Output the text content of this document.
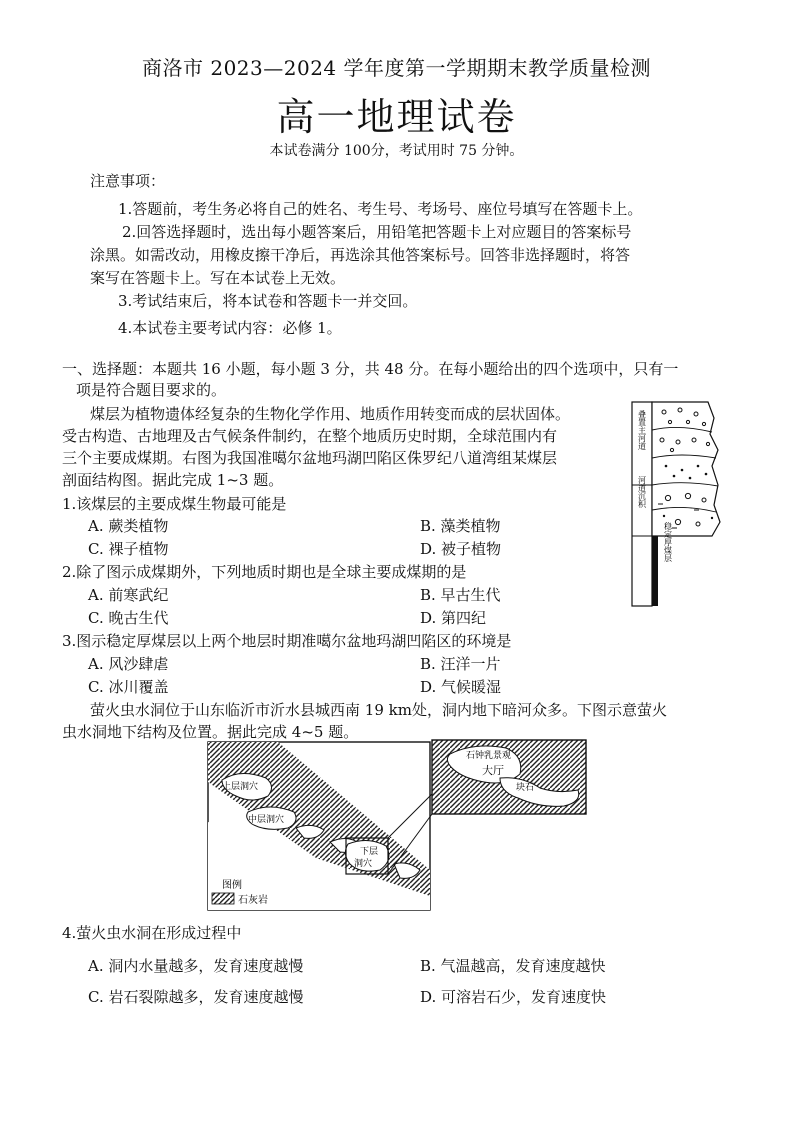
商洛市 2023—2024 学年度第一学期期末教学质量检测
高一地理试卷
本试卷满分 100分，考试用时 75 分钟。
注意事项：
1.答题前，考生务必将自己的姓名、考生号、考场号、座位号填写在答题卡上。
2.回答选择题时，选出每小题答案后，用铅笔把答题卡上对应题目的答案标号
涂黑。如需改动，用橡皮擦干净后，再选涂其他答案标号。回答非选择题时，将答
案写在答题卡上。写在本试卷上无效。
3.考试结束后，将本试卷和答题卡一并交回。
4.本试卷主要考试内容：必修 1。
一、选择题：本题共 16 小题，每小题 3 分，共 48 分。在每小题给出的四个选项中，只有一
项是符合题目要求的。
煤层为植物遗体经复杂的生物化学作用、地质作用转变而成的层状固体。
受古构造、古地理及古气候条件制约，在整个地质历史时期，全球范围内有
三个主要成煤期。右图为我国准噶尔盆地玛湖凹陷区侏罗纪八道湾组某煤层
剖面结构图。据此完成 1~3 题。
叠置主河道
河道沉积
稳定厚煤层
1.该煤层的主要成煤生物最可能是
A. 蕨类植物	B. 藻类植物
C. 裸子植物	D. 被子植物
2.除了图示成煤期外，下列地质时期也是全球主要成煤期的是
A. 前寒武纪	B. 早古生代
C. 晚古生代	D. 第四纪
3.图示稳定厚煤层以上两个地层时期准噶尔盆地玛湖凹陷区的环境是
A. 风沙肆虐	B. 汪洋一片
C. 冰川覆盖	D. 气候暖湿
萤火虫水洞位于山东临沂市沂水县城西南 19 km处，洞内地下暗河众多。下图示意萤火
虫水洞地下结构及位置。据此完成 4~5 题。
上层洞穴
中层洞穴
下层
洞穴
图例
石灰岩
石钟乳景观
大厅
块石
4.萤火虫水洞在形成过程中
A. 洞内水量越多，发育速度越慢	B. 气温越高，发育速度越快
C. 岩石裂隙越多，发育速度越慢	D. 可溶岩石少，发育速度快
